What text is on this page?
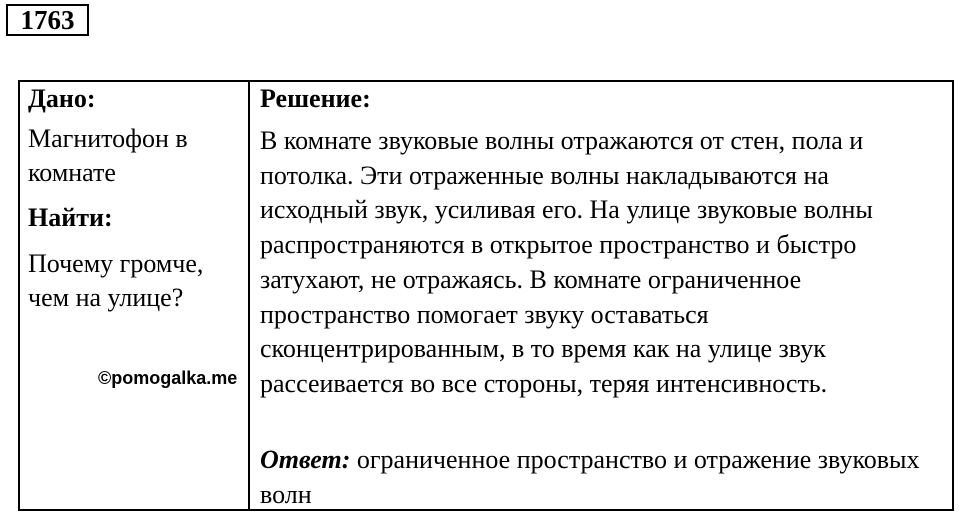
1763
Дано:
Магнитофон в комнате
Найти:
Почему громче, чем на улице?
Решение:
В комнате звуковые волны отражаются от стен, пола и потолка. Эти отраженные волны накладываются на исходный звук, усиливая его. На улице звуковые волны распространяются в открытое пространство и быстро затухают, не отражаясь. В комнате ограниченное пространство помогает звуку оставаться сконцентрированным, в то время как на улице звук рассеивается во все стороны, теряя интенсивность.
Ответ: ограниченное пространство и отражение звуковых волн
©pomogalka.me
